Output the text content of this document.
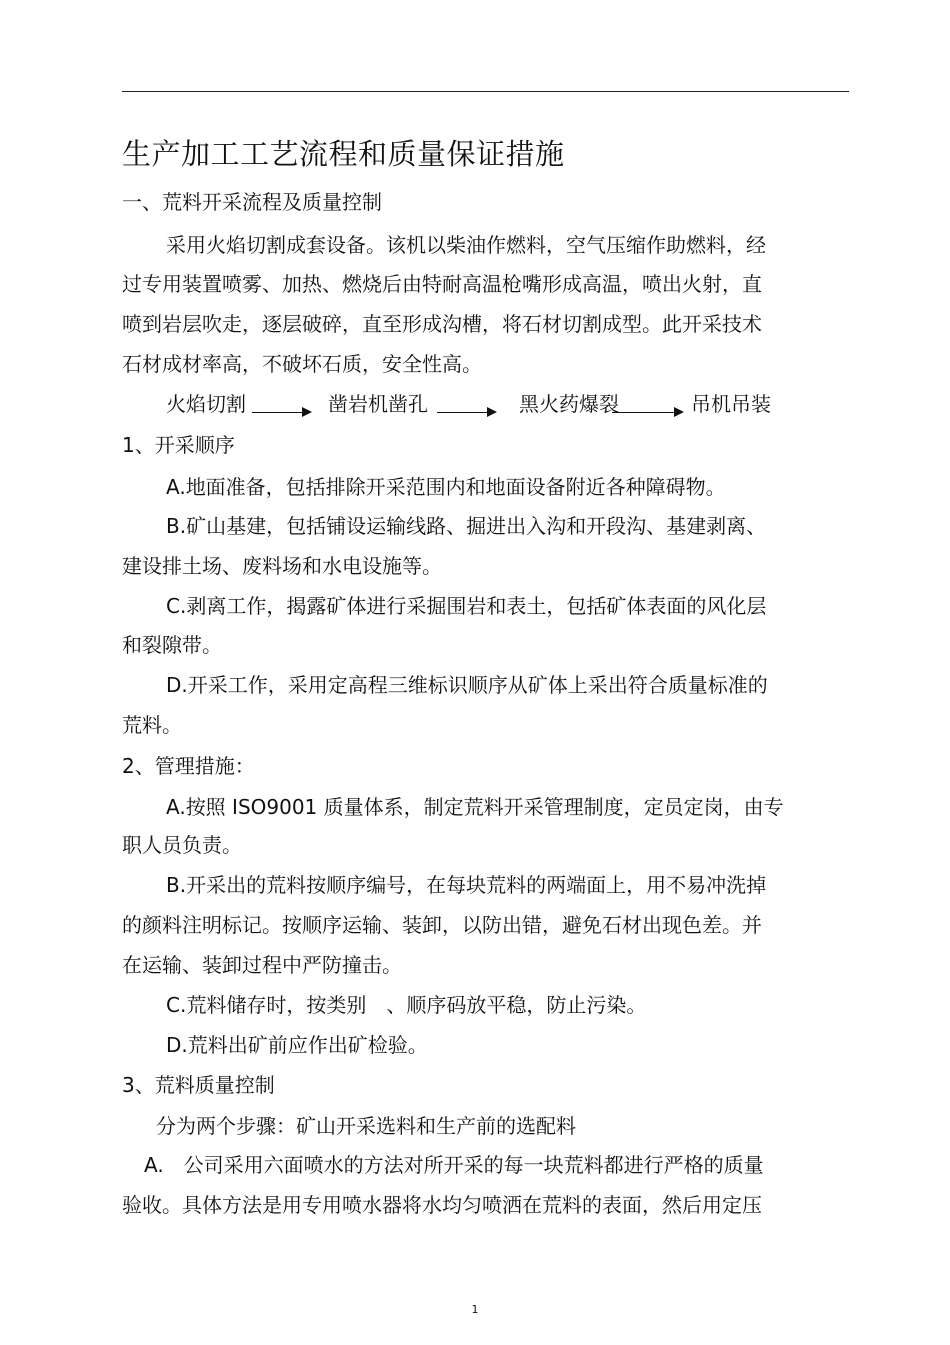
生产加工工艺流程和质量保证措施
一、荒料开采流程及质量控制
采用火焰切割成套设备。该机以柴油作燃料，空气压缩作助燃料，经
过专用装置喷雾、加热、燃烧后由特耐高温枪嘴形成高温，喷出火射，直
喷到岩层吹走，逐层破碎，直至形成沟槽，将石材切割成型。此开采技术
石材成材率高，不破坏石质，安全性高。
火焰切割	凿岩机凿孔	黑火药爆裂	吊机吊装
1、开采顺序
A.地面准备，包括排除开采范围内和地面设备附近各种障碍物。
B.矿山基建，包括铺设运输线路、掘进出入沟和开段沟、基建剥离、
建设排土场、废料场和水电设施等。
C.剥离工作，揭露矿体进行采掘围岩和表土，包括矿体表面的风化层
和裂隙带。
D.开采工作，采用定高程三维标识顺序从矿体上采出符合质量标准的
荒料。
2、管理措施：
A.按照 ISO9001 质量体系，制定荒料开采管理制度，定员定岗，由专
职人员负责。
B.开采出的荒料按顺序编号，在每块荒料的两端面上，用不易冲洗掉
的颜料注明标记。按顺序运输、装卸，以防出错，避免石材出现色差。并
在运输、装卸过程中严防撞击。
C.荒料储存时，按类别　、顺序码放平稳，防止污染。
D.荒料出矿前应作出矿检验。
3、荒料质量控制
分为两个步骤：矿山开采选料和生产前的选配料
A.　公司采用六面喷水的方法对所开采的每一块荒料都进行严格的质量
验收。具体方法是用专用喷水器将水均匀喷洒在荒料的表面，然后用定压
1
